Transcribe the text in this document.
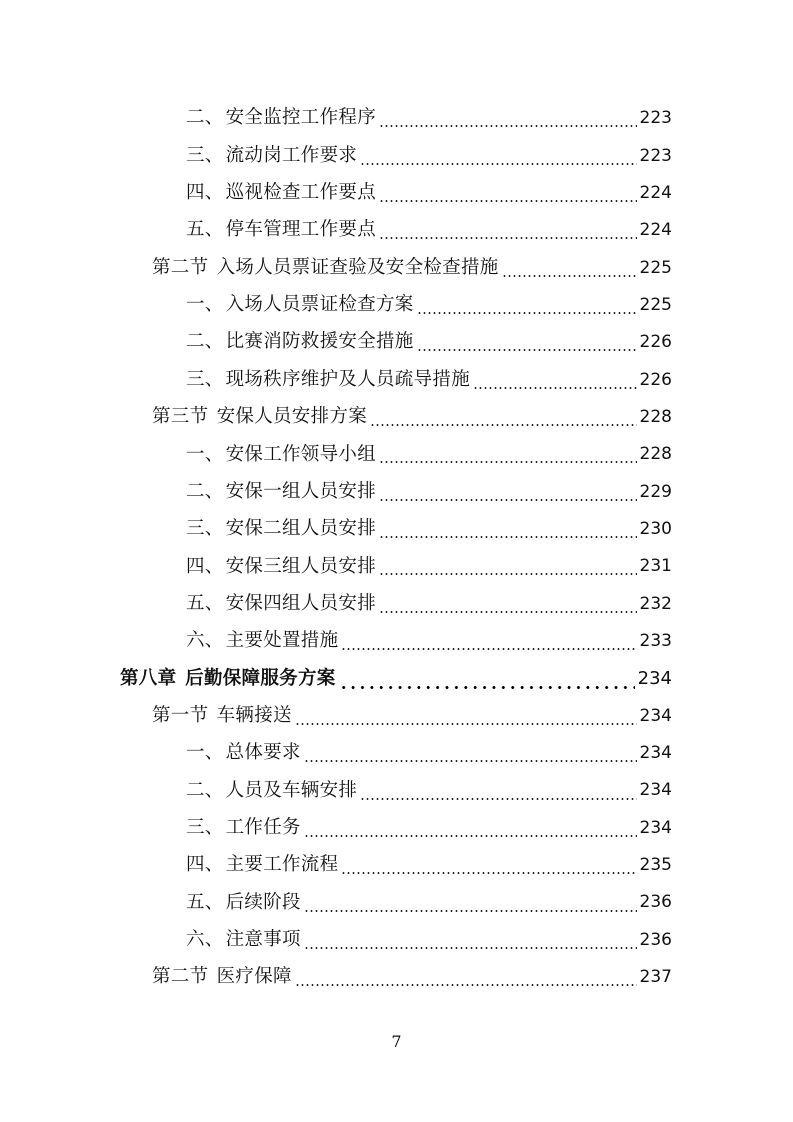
二、 安全监控工作程序	223
三、 流动岗工作要求	223
四、 巡视检查工作要点	224
五、 停车管理工作要点	224
第二节 入场人员票证查验及安全检查措施	225
一、 入场人员票证检查方案	225
二、 比赛消防救援安全措施	226
三、 现场秩序维护及人员疏导措施	226
第三节 安保人员安排方案	228
一、 安保工作领导小组	228
二、 安保一组人员安排	229
三、 安保二组人员安排	230
四、 安保三组人员安排	231
五、 安保四组人员安排	232
六、 主要处置措施	233
第八章 后勤保障服务方案	234
第一节 车辆接送	234
一、 总体要求	234
二、 人员及车辆安排	234
三、 工作任务	234
四、 主要工作流程	235
五、 后续阶段	236
六、 注意事项	236
第二节 医疗保障	237
7
